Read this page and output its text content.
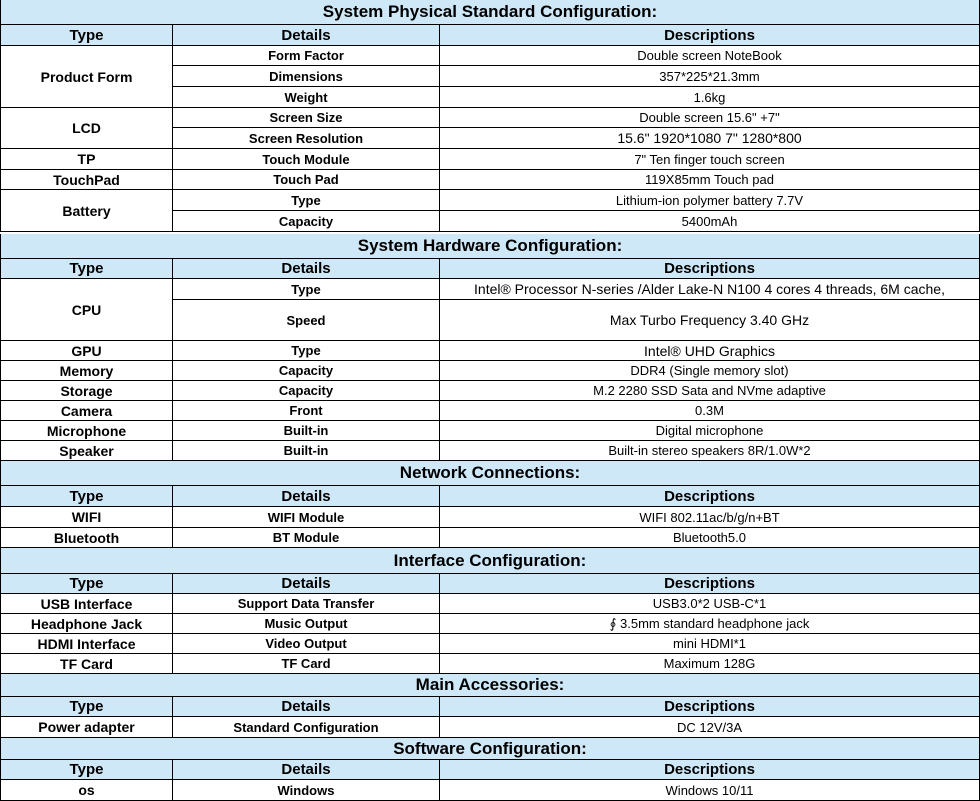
System Physical Standard Configuration:
Type	Details	Descriptions
Product Form
Form Factor	Double screen NoteBook
Dimensions	357*225*21.3mm
Weight	1.6kg
LCD
Screen Size	Double screen 15.6" +7"
Screen Resolution	15.6" 1920*1080 7" 1280*800
TP	Touch Module	7" Ten finger touch screen
TouchPad	Touch Pad	119X85mm Touch pad
Battery
Type	Lithium-ion polymer battery 7.7V
Capacity	5400mAh
System Hardware Configuration:
Type	Details	Descriptions
CPU
Type	Intel® Processor N-series /Alder Lake-N N100 4 cores 4 threads, 6M cache,
Speed	Max Turbo Frequency 3.40 GHz
GPU	Type	Intel® UHD Graphics
Memory	Capacity	DDR4 (Single memory slot)
Storage	Capacity	M.2 2280 SSD Sata and NVme adaptive
Camera	Front	0.3M
Microphone	Built-in	Digital microphone
Speaker	Built-in	Built-in stereo speakers 8R/1.0W*2
Network Connections:
Type	Details	Descriptions
WIFI	WIFI Module	WIFI 802.11ac/b/g/n+BT
Bluetooth	BT Module	Bluetooth5.0
Interface Configuration:
Type	Details	Descriptions
USB Interface	Support Data Transfer	USB3.0*2 USB-C*1
Headphone Jack	Music Output	∮ 3.5mm standard headphone jack
HDMI Interface	Video Output	mini HDMI*1
TF Card	TF Card	Maximum 128G
Main Accessories:
Type	Details	Descriptions
Power adapter	Standard Configuration	DC 12V/3A
Software Configuration:
Type	Details	Descriptions
os	Windows	Windows 10/11
